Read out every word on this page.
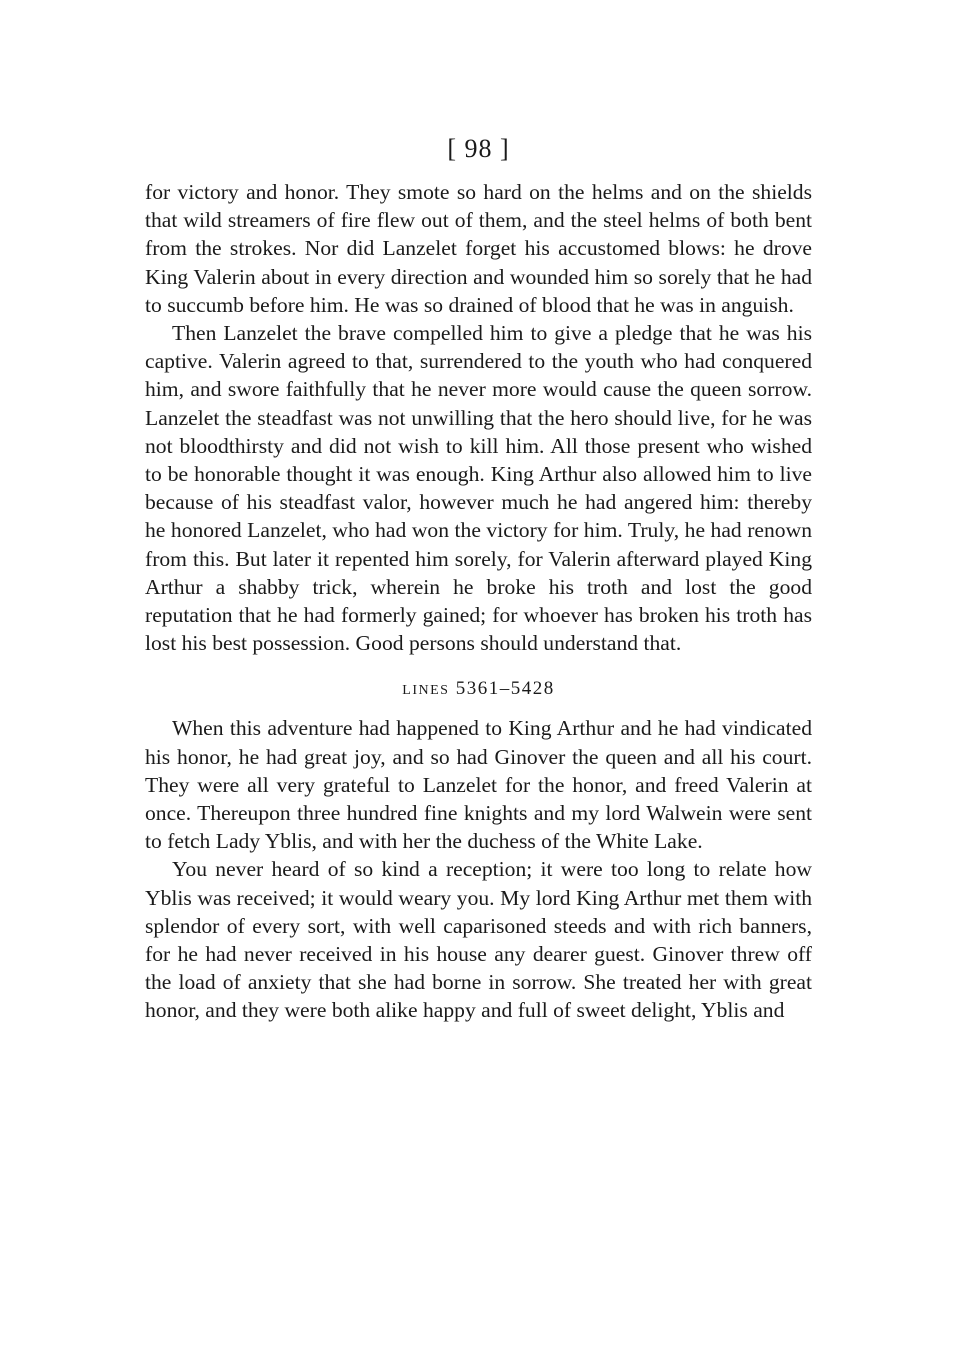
[ 98 ]

for victory and honor. They smote so hard on the helms and on the shields that wild streamers of fire flew out of them, and the steel helms of both bent from the strokes. Nor did Lanzelet forget his accustomed blows: he drove King Valerin about in every direction and wounded him so sorely that he had to succumb before him. He was so drained of blood that he was in anguish.

Then Lanzelet the brave compelled him to give a pledge that he was his captive. Valerin agreed to that, surrendered to the youth who had conquered him, and swore faithfully that he never more would cause the queen sorrow. Lanzelet the steadfast was not unwilling that the hero should live, for he was not bloodthirsty and did not wish to kill him. All those present who wished to be honorable thought it was enough. King Arthur also allowed him to live because of his steadfast valor, however much he had angered him: thereby he honored Lanzelet, who had won the victory for him. Truly, he had renown from this. But later it repented him sorely, for Valerin afterward played King Arthur a shabby trick, wherein he broke his troth and lost the good reputation that he had formerly gained; for whoever has broken his troth has lost his best possession. Good persons should understand that.

LINES 5361–5428

When this adventure had happened to King Arthur and he had vindicated his honor, he had great joy, and so had Ginover the queen and all his court. They were all very grateful to Lanzelet for the honor, and freed Valerin at once. Thereupon three hundred fine knights and my lord Walwein were sent to fetch Lady Yblis, and with her the duchess of the White Lake.

You never heard of so kind a reception; it were too long to relate how Yblis was received; it would weary you. My lord King Arthur met them with splendor of every sort, with well caparisoned steeds and with rich banners, for he had never received in his house any dearer guest. Ginover threw off the load of anxiety that she had borne in sorrow. She treated her with great honor, and they were both alike happy and full of sweet delight, Yblis and
